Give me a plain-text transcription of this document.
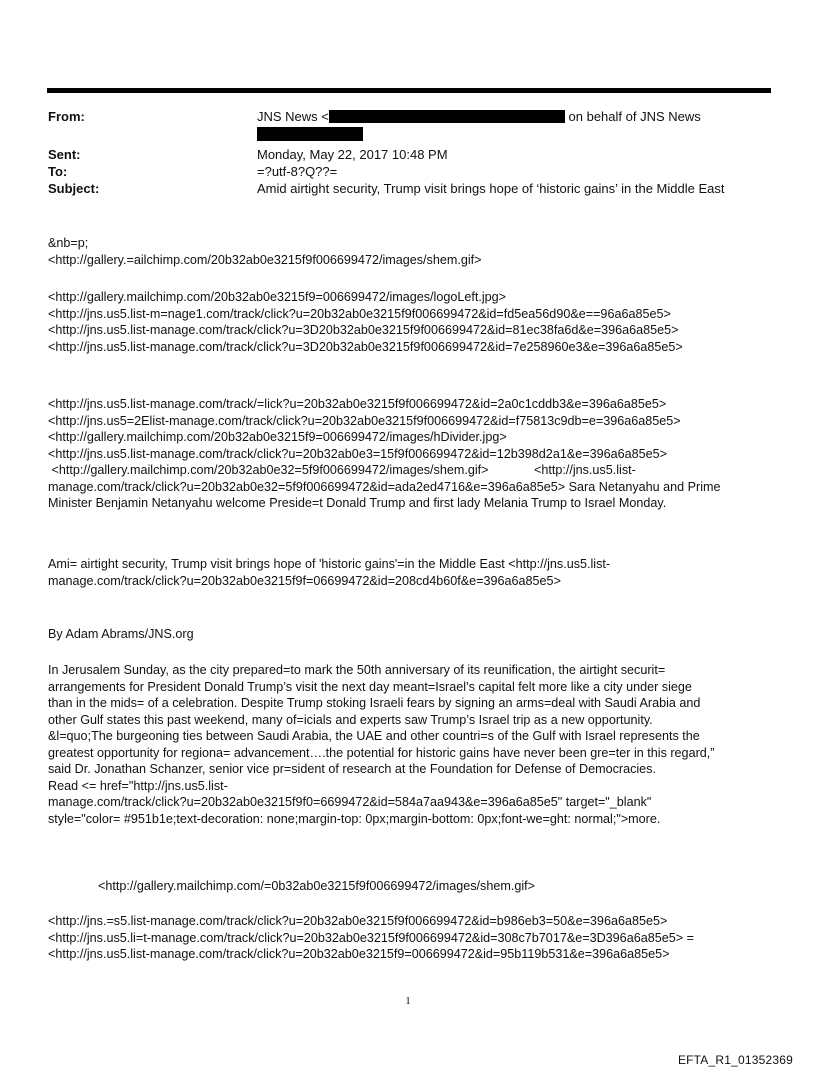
From:	JNS News <	on behalf of JNS News
Sent:	Monday, May 22, 2017 10:48 PM
To:	=?utf-8?Q??=
Subject:	Amid airtight security, Trump visit brings hope of ‘historic gains’ in the Middle East
&nb=p;
<http://gallery.=ailchimp.com/20b32ab0e3215f9f006699472/images/shem.gif>
<http://gallery.mailchimp.com/20b32ab0e3215f9=006699472/images/logoLeft.jpg>
<http://jns.us5.list-m=nage1.com/track/click?u=20b32ab0e3215f9f006699472&id=fd5ea56d90&e==96a6a85e5>
<http://jns.us5.list-manage.com/track/click?u=3D20b32ab0e3215f9f006699472&id=81ec38fa6d&e=396a6a85e5>
<http://jns.us5.list-manage.com/track/click?u=3D20b32ab0e3215f9f006699472&id=7e258960e3&e=396a6a85e5>
<http://jns.us5.list-manage.com/track/=lick?u=20b32ab0e3215f9f006699472&id=2a0c1cddb3&e=396a6a85e5>
<http://jns.us5=2Elist-manage.com/track/click?u=20b32ab0e3215f9f006699472&id=f75813c9db=e=396a6a85e5>
<http://gallery.mailchimp.com/20b32ab0e3215f9=006699472/images/hDivider.jpg>
<http://jns.us5.list-manage.com/track/click?u=20b32ab0e3=15f9f006699472&id=12b398d2a1&e=396a6a85e5>
<http://gallery.mailchimp.com/20b32ab0e32=5f9f006699472/images/shem.gif>             <http://jns.us5.list-
manage.com/track/click?u=20b32ab0e32=5f9f006699472&id=ada2ed4716&e=396a6a85e5> Sara Netanyahu and Prime
Minister Benjamin Netanyahu welcome Preside=t Donald Trump and first lady Melania Trump to Israel Monday.
Ami= airtight security, Trump visit brings hope of 'historic gains'=in the Middle East <http://jns.us5.list-
manage.com/track/click?u=20b32ab0e3215f9f=06699472&id=208cd4b60f&e=396a6a85e5>
By Adam Abrams/JNS.org
In Jerusalem Sunday, as the city prepared=to mark the 50th anniversary of its reunification, the airtight securit=
arrangements for President Donald Trump’s visit the next day meant=Israel’s capital felt more like a city under siege
than in the mids= of a celebration. Despite Trump stoking Israeli fears by signing an arms=deal with Saudi Arabia and
other Gulf states this past weekend, many of=icials and experts saw Trump’s Israel trip as a new opportunity.
&l=quo;The burgeoning ties between Saudi Arabia, the UAE and other countri=s of the Gulf with Israel represents the
greatest opportunity for regiona= advancement….the potential for historic gains have never been gre=ter in this regard,”
said Dr. Jonathan Schanzer, senior vice pr=sident of research at the Foundation for Defense of Democracies.
Read <= href="http://jns.us5.list-
manage.com/track/click?u=20b32ab0e3215f9f0=6699472&id=584a7aa943&e=396a6a85e5" target="_blank"
style="color= #951b1e;text-decoration: none;margin-top: 0px;margin-bottom: 0px;font-we=ght: normal;">more.
<http://gallery.mailchimp.com/=0b32ab0e3215f9f006699472/images/shem.gif>
<http://jns.=s5.list-manage.com/track/click?u=20b32ab0e3215f9f006699472&id=b986eb3=50&e=396a6a85e5>
<http://jns.us5.li=t-manage.com/track/click?u=20b32ab0e3215f9f006699472&id=308c7b7017&e=3D396a6a85e5> =
<http://jns.us5.list-manage.com/track/click?u=20b32ab0e3215f9=006699472&id=95b119b531&e=396a6a85e5>
1
EFTA_R1_01352369
